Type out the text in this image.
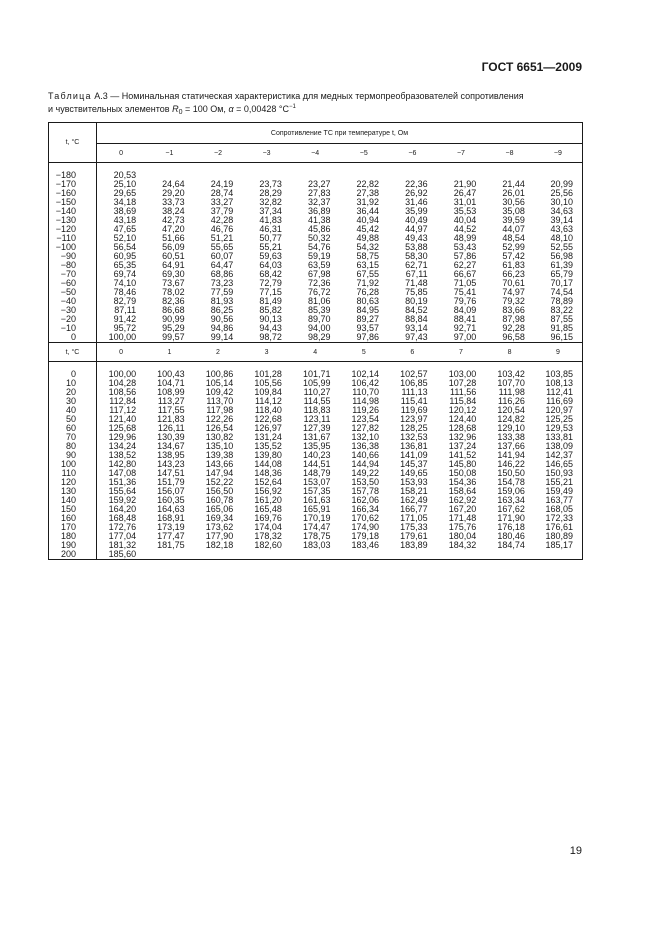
ГОСТ 6651—2009
Таблица А.3 — Номинальная статическая характеристика для медных термопреобразователей сопротивления
и чувствительных элементов $R_0 = 100$ Ом, α = 0,00428 $^\circ С^{-1}$
t, °С	Сопротивление ТС при температуре t, Ом									
	0	−1	−2	−3	−4	−5	−6	−7	−8	−9

−180	20,53									
−170	25,10	24,64	24,19	23,73	23,27	22,82	22,36	21,90	21,44	20,99
−160	29,65	29,20	28,74	28,29	27,83	27,38	26,92	26,47	26,01	25,56
−150	34,18	33,73	33,27	32,82	32,37	31,92	31,46	31,01	30,56	30,10
−140	38,69	38,24	37,79	37,34	36,89	36,44	35,99	35,53	35,08	34,63
−130	43,18	42,73	42,28	41,83	41,38	40,94	40,49	40,04	39,59	39,14
−120	47,65	47,20	46,76	46,31	45,86	45,42	44,97	44,52	44,07	43,63
−110	52,10	51,66	51,21	50,77	50,32	49,88	49,43	48,99	48,54	48,10
−100	56,54	56,09	55,65	55,21	54,76	54,32	53,88	53,43	52,99	52,55
−90	60,95	60,51	60,07	59,63	59,19	58,75	58,30	57,86	57,42	56,98
−80	65,35	64,91	64,47	64,03	63,59	63,15	62,71	62,27	61,83	61,39
−70	69,74	69,30	68,86	68,42	67,98	67,55	67,11	66,67	66,23	65,79
−60	74,10	73,67	73,23	72,79	72,36	71,92	71,48	71,05	70,61	70,17
−50	78,46	78,02	77,59	77,15	76,72	76,28	75,85	75,41	74,97	74,54
−40	82,79	82,36	81,93	81,49	81,06	80,63	80,19	79,76	79,32	78,89
−30	87,11	86,68	86,25	85,82	85,39	84,95	84,52	84,09	83,66	83,22
−20	91,42	90,99	90,56	90,13	89,70	89,27	88,84	88,41	87,98	87,55
−10	95,72	95,29	94,86	94,43	94,00	93,57	93,14	92,71	92,28	91,85
0	100,00	99,57	99,14	98,72	98,29	97,86	97,43	97,00	96,58	96,15
t, °С	0	1	2	3	4	5	6	7	8	9

0	100,00	100,43	100,86	101,28	101,71	102,14	102,57	103,00	103,42	103,85
10	104,28	104,71	105,14	105,56	105,99	106,42	106,85	107,28	107,70	108,13
20	108,56	108,99	109,42	109,84	110,27	110,70	111,13	111,56	111,98	112,41
30	112,84	113,27	113,70	114,12	114,55	114,98	115,41	115,84	116,26	116,69
40	117,12	117,55	117,98	118,40	118,83	119,26	119,69	120,12	120,54	120,97
50	121,40	121,83	122,26	122,68	123,11	123,54	123,97	124,40	124,82	125,25
60	125,68	126,11	126,54	126,97	127,39	127,82	128,25	128,68	129,10	129,53
70	129,96	130,39	130,82	131,24	131,67	132,10	132,53	132,96	133,38	133,81
80	134,24	134,67	135,10	135,52	135,95	136,38	136,81	137,24	137,66	138,09
90	138,52	138,95	139,38	139,80	140,23	140,66	141,09	141,52	141,94	142,37
100	142,80	143,23	143,66	144,08	144,51	144,94	145,37	145,80	146,22	146,65
110	147,08	147,51	147,94	148,36	148,79	149,22	149,65	150,08	150,50	150,93
120	151,36	151,79	152,22	152,64	153,07	153,50	153,93	154,36	154,78	155,21
130	155,64	156,07	156,50	156,92	157,35	157,78	158,21	158,64	159,06	159,49
140	159,92	160,35	160,78	161,20	161,63	162,06	162,49	162,92	163,34	163,77
150	164,20	164,63	165,06	165,48	165,91	166,34	166,77	167,20	167,62	168,05
160	168,48	168,91	169,34	169,76	170,19	170,62	171,05	171,48	171,90	172,33
170	172,76	173,19	173,62	174,04	174,47	174,90	175,33	175,76	176,18	176,61
180	177,04	177,47	177,90	178,32	178,75	179,18	179,61	180,04	180,46	180,89
190	181,32	181,75	182,18	182,60	183,03	183,46	183,89	184,32	184,74	185,17
200	185,60									
19
